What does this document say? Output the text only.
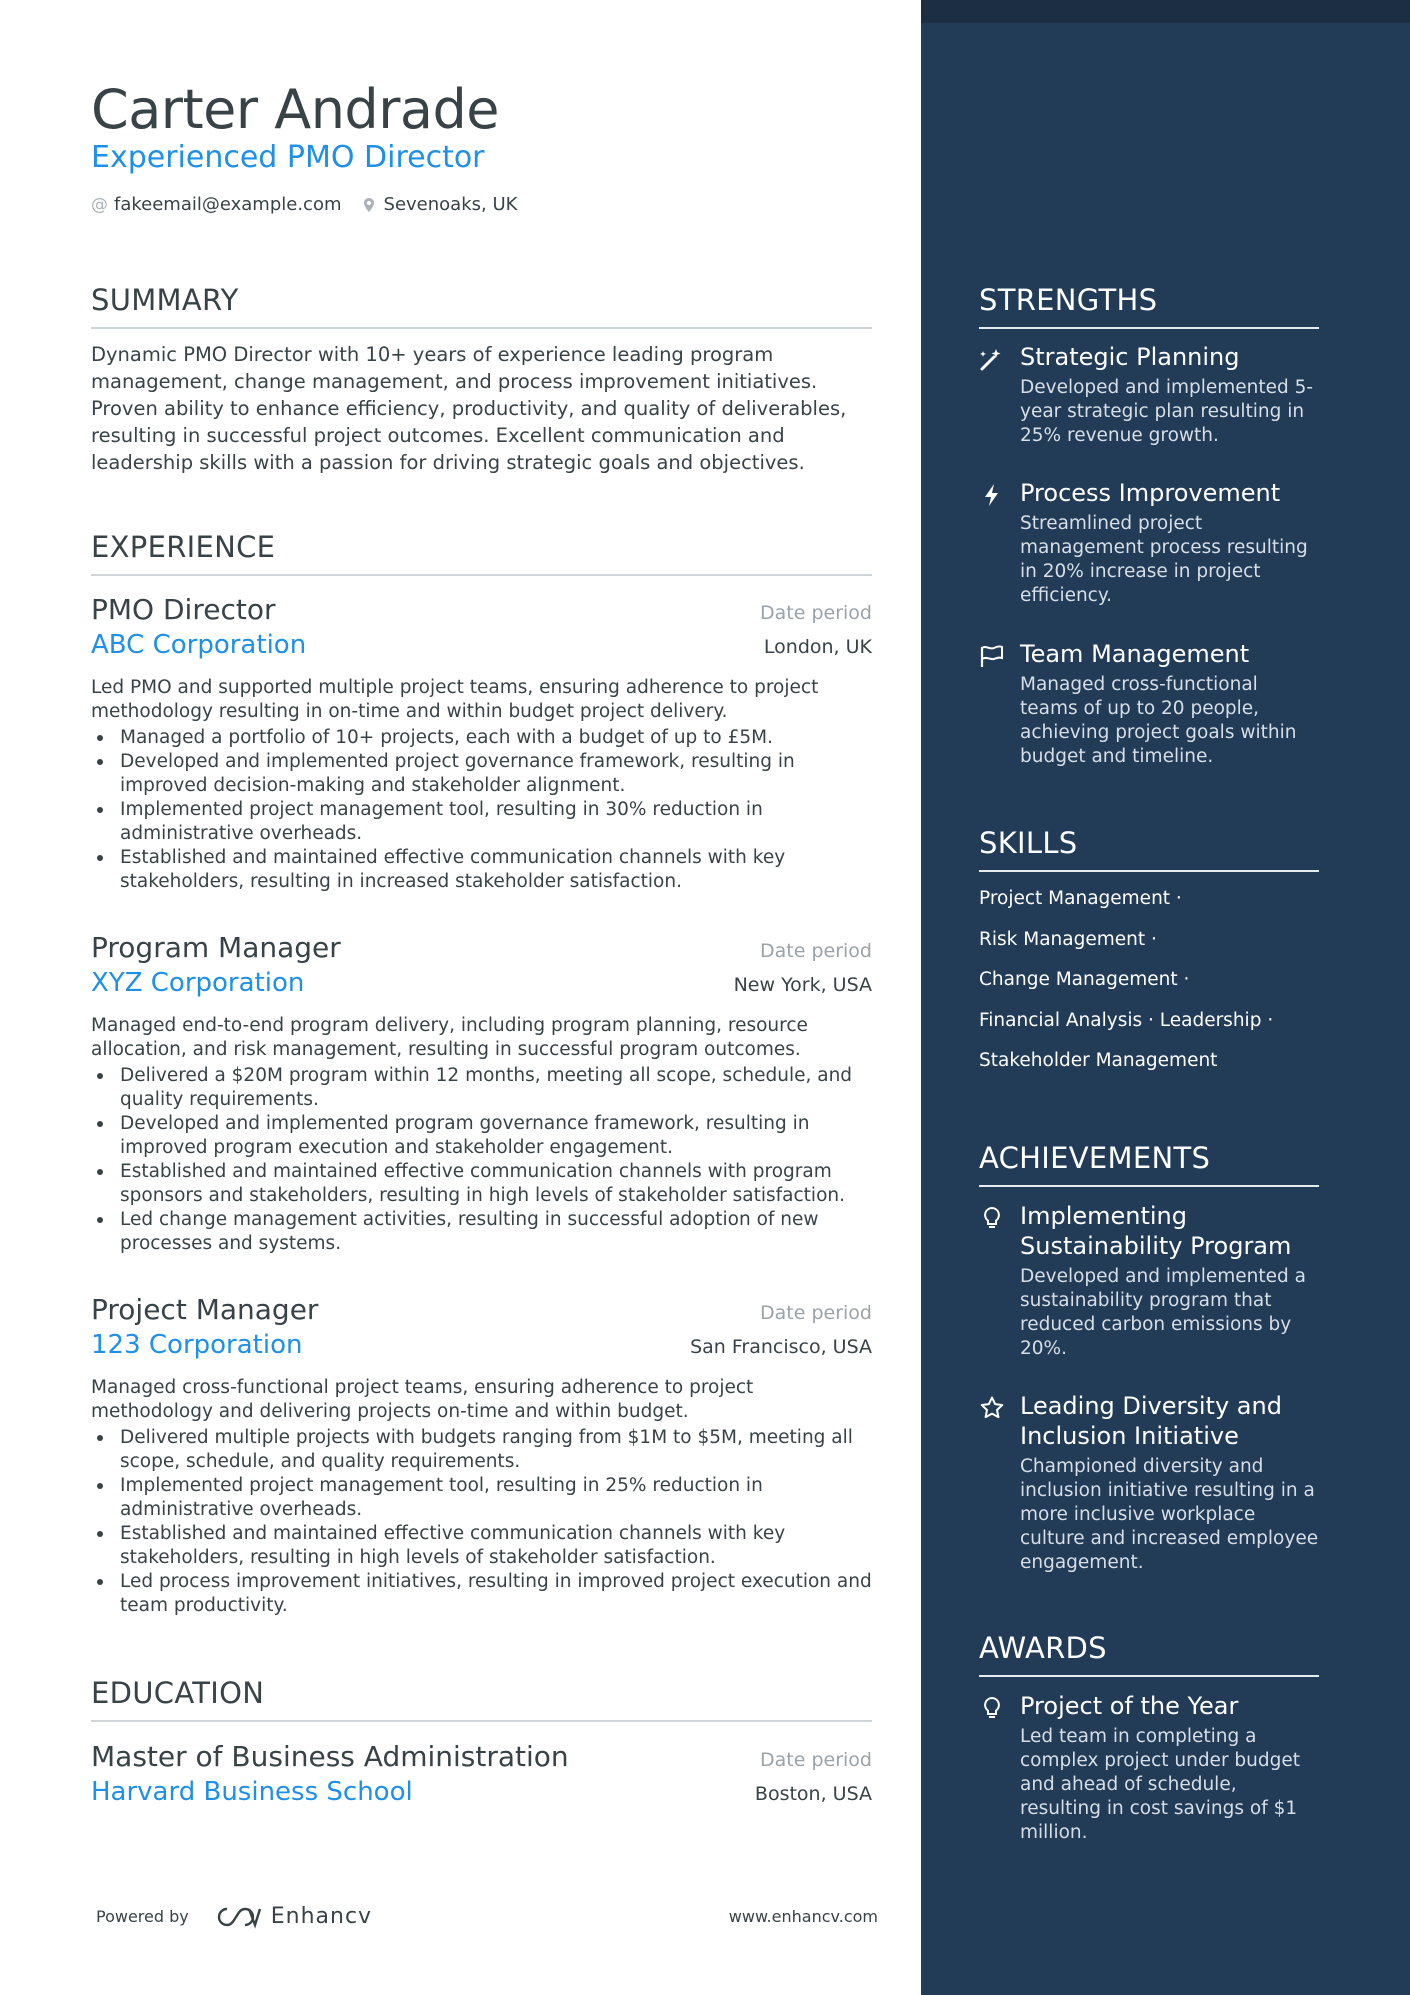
Carter Andrade
Experienced PMO Director
@ fakeemail@example.com Sevenoaks, UK
SUMMARY
Dynamic PMO Director with 10+ years of experience leading program management, change management, and process improvement initiatives. Proven ability to enhance efficiency, productivity, and quality of deliverables, resulting in successful project outcomes. Excellent communication and leadership skills with a passion for driving strategic goals and objectives.
EXPERIENCE
PMO Director	Date period
ABC Corporation	London, UK
Led PMO and supported multiple project teams, ensuring adherence to project methodology resulting in on-time and within budget project delivery.
Managed a portfolio of 10+ projects, each with a budget of up to £5M.
Developed and implemented project governance framework, resulting in improved decision-making and stakeholder alignment.
Implemented project management tool, resulting in 30% reduction in administrative overheads.
Established and maintained effective communication channels with key stakeholders, resulting in increased stakeholder satisfaction.
Program Manager	Date period
XYZ Corporation	New York, USA
Managed end-to-end program delivery, including program planning, resource allocation, and risk management, resulting in successful program outcomes.
Delivered a $20M program within 12 months, meeting all scope, schedule, and quality requirements.
Developed and implemented program governance framework, resulting in improved program execution and stakeholder engagement.
Established and maintained effective communication channels with program sponsors and stakeholders, resulting in high levels of stakeholder satisfaction.
Led change management activities, resulting in successful adoption of new processes and systems.
Project Manager	Date period
123 Corporation	San Francisco, USA
Managed cross-functional project teams, ensuring adherence to project methodology and delivering projects on-time and within budget.
Delivered multiple projects with budgets ranging from $1M to $5M, meeting all scope, schedule, and quality requirements.
Implemented project management tool, resulting in 25% reduction in administrative overheads.
Established and maintained effective communication channels with key stakeholders, resulting in high levels of stakeholder satisfaction.
Led process improvement initiatives, resulting in improved project execution and team productivity.
EDUCATION
Master of Business Administration	Date period
Harvard Business School	Boston, USA
Powered by	Enhancv	www.enhancv.com
STRENGTHS
Strategic Planning
Developed and implemented 5-year strategic plan resulting in 25% revenue growth.
Process Improvement
Streamlined project management process resulting in 20% increase in project efficiency.
Team Management
Managed cross-functional teams of up to 20 people, achieving project goals within budget and timeline.
SKILLS
Project Management ·
Risk Management ·
Change Management ·
Financial Analysis · Leadership ·
Stakeholder Management
ACHIEVEMENTS
Implementing Sustainability Program
Developed and implemented a sustainability program that reduced carbon emissions by 20%.
Leading Diversity and Inclusion Initiative
Championed diversity and inclusion initiative resulting in a more inclusive workplace culture and increased employee engagement.
AWARDS
Project of the Year
Led team in completing a complex project under budget and ahead of schedule, resulting in cost savings of $1 million.
